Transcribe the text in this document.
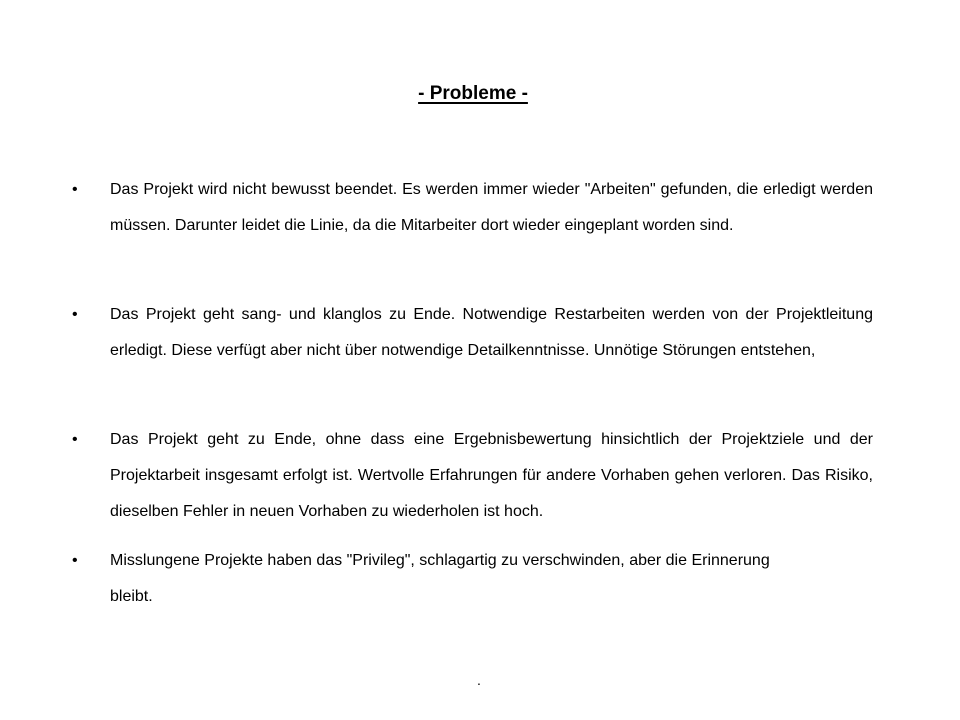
- Probleme -
• Das Projekt wird nicht bewusst beendet. Es werden immer wieder "Arbeiten" gefunden, die erledigt werden müssen. Darunter leidet die Linie, da die Mitarbeiter dort wieder eingeplant worden sind.
• Das Projekt geht sang- und klanglos zu Ende. Notwendige Restarbeiten werden von der Projektleitung erledigt. Diese verfügt aber nicht über notwendige Detailkenntnisse. Unnötige Störungen entstehen,
• Das Projekt geht zu Ende, ohne dass eine Ergebnisbewertung hinsichtlich der Projektziele und der Projektarbeit insgesamt erfolgt ist. Wertvolle Erfahrungen für andere Vorhaben gehen verloren. Das Risiko, dieselben Fehler in neuen Vorhaben zu wiederholen ist hoch.
• Misslungene Projekte haben das "Privileg", schlagartig zu verschwinden, aber die Erinnerung bleibt.
.
